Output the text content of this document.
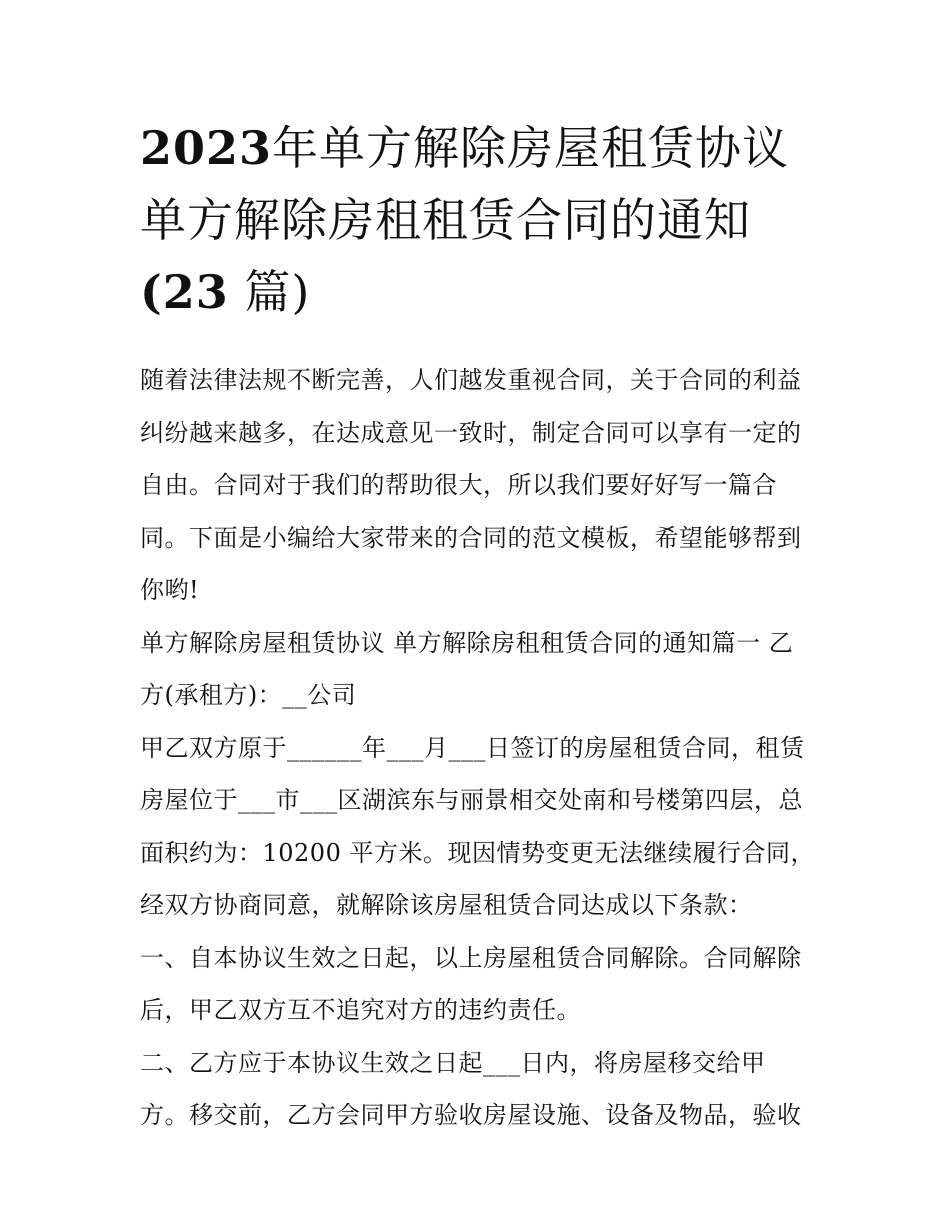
2023年单方解除房屋租赁协议
单方解除房租租赁合同的通知
(23 篇)
随着法律法规不断完善，人们越发重视合同，关于合同的利益
纠纷越来越多，在达成意见一致时，制定合同可以享有一定的
自由。合同对于我们的帮助很大，所以我们要好好写一篇合
同。下面是小编给大家带来的合同的范文模板，希望能够帮到
你哟!
单方解除房屋租赁协议 单方解除房租租赁合同的通知篇一 乙
方(承租方)：__公司
甲乙双方原于______年___月___日签订的房屋租赁合同，租赁
房屋位于___市___区湖滨东与丽景相交处南和号楼第四层，总
面积约为：10200 平方米。现因情势变更无法继续履行合同，
经双方协商同意，就解除该房屋租赁合同达成以下条款：
一、自本协议生效之日起，以上房屋租赁合同解除。合同解除
后，甲乙双方互不追究对方的违约责任。
二、乙方应于本协议生效之日起___日内，将房屋移交给甲
方。移交前，乙方会同甲方验收房屋设施、设备及物品，验收
